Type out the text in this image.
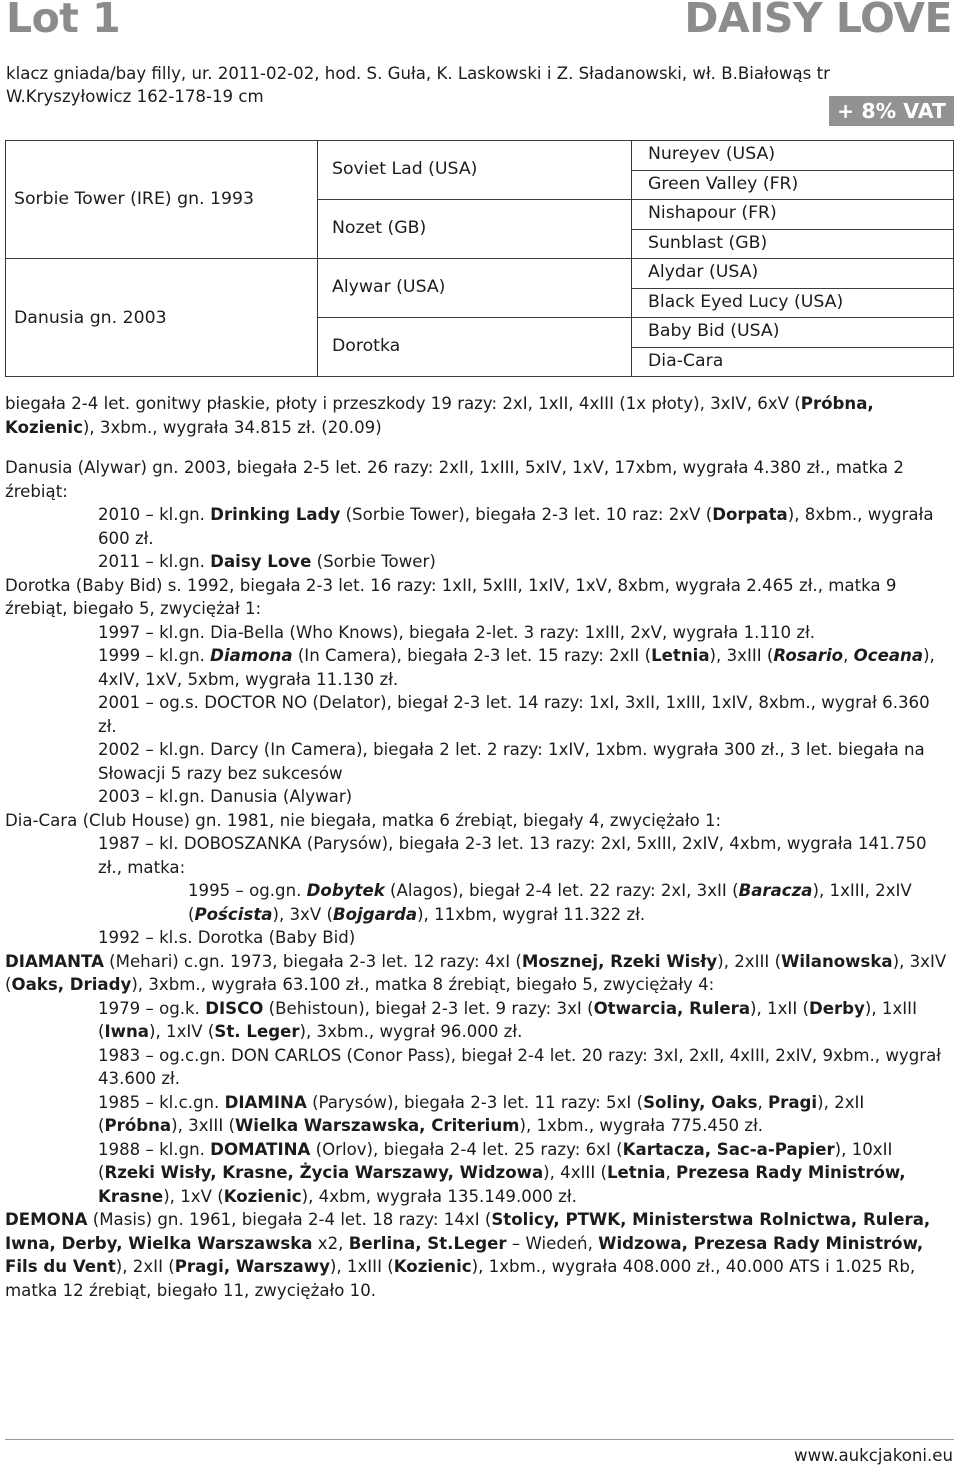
Lot 1	DAISY LOVE
klacz gniada/bay filly, ur. 2011-02-02, hod. S. Guła, K. Laskowski i Z. Sładanowski, wł. B.Białowąs tr W.Kryszyłowicz 162-178-19 cm
+ 8% VAT
Sorbie Tower (IRE) gn. 1993
Danusia gn. 2003
Soviet Lad (USA)
Nozet (GB)
Alywar (USA)
Dorotka
Nureyev (USA)
Green Valley (FR)
Nishapour (FR)
Sunblast (GB)
Alydar (USA)
Black Eyed Lucy (USA)
Baby Bid (USA)
Dia-Cara

biegała 2-4 let. gonitwy płaskie, płoty i przeszkody 19 razy: 2xI, 1xII, 4xIII (1x płoty), 3xIV, 6xV (Próbna, Kozienic), 3xbm., wygrała 34.815 zł. (20.09)

Danusia (Alywar) gn. 2003, biegała 2-5 let. 26 razy: 2xII, 1xIII, 5xIV, 1xV, 17xbm, wygrała 4.380 zł., matka 2 źrebiąt:

2010 – kl.gn. Drinking Lady (Sorbie Tower), biegała 2-3 let. 10 raz: 2xV (Dorpata), 8xbm., wygrała 600 zł.

2011 – kl.gn. Daisy Love (Sorbie Tower)

Dorotka (Baby Bid) s. 1992, biegała 2-3 let. 16 razy: 1xII, 5xIII, 1xIV, 1xV, 8xbm, wygrała 2.465 zł., matka 9 źrebiąt, biegało 5, zwyciężał 1:

1997 – kl.gn. Dia-Bella (Who Knows), biegała 2-let. 3 razy: 1xIII, 2xV, wygrała 1.110 zł.

1999 – kl.gn. Diamona (In Camera), biegała 2-3 let. 15 razy: 2xII (Letnia), 3xIII (Rosario, Oceana), 4xIV, 1xV, 5xbm, wygrała 11.130 zł.

2001 – og.s. DOCTOR NO (Delator), biegał 2-3 let. 14 razy: 1xI, 3xII, 1xIII, 1xIV, 8xbm., wygrał 6.360 zł.

2002 – kl.gn. Darcy (In Camera), biegała 2 let. 2 razy: 1xIV, 1xbm. wygrała 300 zł., 3 let. biegała na Słowacji 5 razy bez sukcesów

2003 – kl.gn. Danusia (Alywar)

Dia-Cara (Club House) gn. 1981, nie biegała, matka 6 źrebiąt, biegały 4, zwyciężało 1:

1987 – kl. DOBOSZANKA (Parysów), biegała 2-3 let. 13 razy: 2xI, 5xIII, 2xIV, 4xbm, wygrała 141.750 zł., matka:

1995 – og.gn. Dobytek (Alagos), biegał 2-4 let. 22 razy: 2xI, 3xII (Baracza), 1xIII, 2xIV (Poścista), 3xV (Bojgarda), 11xbm, wygrał 11.322 zł.

1992 – kl.s. Dorotka (Baby Bid)

DIAMANTA (Mehari) c.gn. 1973, biegała 2-3 let. 12 razy: 4xI (Mosznej, Rzeki Wisły), 2xIII (Wilanowska), 3xIV (Oaks, Driady), 3xbm., wygrała 63.100 zł., matka 8 źrebiąt, biegało 5, zwyciężały 4:

1979 – og.k. DISCO (Behistoun), biegał 2-3 let. 9 razy: 3xI (Otwarcia, Rulera), 1xII (Derby), 1xIII (Iwna), 1xIV (St. Leger), 3xbm., wygrał 96.000 zł.

1983 – og.c.gn. DON CARLOS (Conor Pass), biegał 2-4 let. 20 razy: 3xI, 2xII, 4xIII, 2xIV, 9xbm., wygrał 43.600 zł.

1985 – kl.c.gn. DIAMINA (Parysów), biegała 2-3 let. 11 razy: 5xI (Soliny, Oaks, Pragi), 2xII (Próbna), 3xIII (Wielka Warszawska, Criterium), 1xbm., wygrała 775.450 zł.

1988 – kl.gn. DOMATINA (Orlov), biegała 2-4 let. 25 razy: 6xI (Kartacza, Sac-a-Papier), 10xII (Rzeki Wisły, Krasne, Życia Warszawy, Widzowa), 4xIII (Letnia, Prezesa Rady Ministrów, Krasne), 1xV (Kozienic), 4xbm, wygrała 135.149.000 zł.

DEMONA (Masis) gn. 1961, biegała 2-4 let. 18 razy: 14xI (Stolicy, PTWK, Ministerstwa Rolnictwa, Rulera, Iwna, Derby, Wielka Warszawska x2, Berlina, St.Leger – Wiedeń, Widzowa, Prezesa Rady Ministrów, Fils du Vent), 2xII (Pragi, Warszawy), 1xIII (Kozienic), 1xbm., wygrała 408.000 zł., 40.000 ATS i 1.025 Rb, matka 12 źrebiąt, biegało 11, zwyciężało 10.

www.aukcjakoni.eu
